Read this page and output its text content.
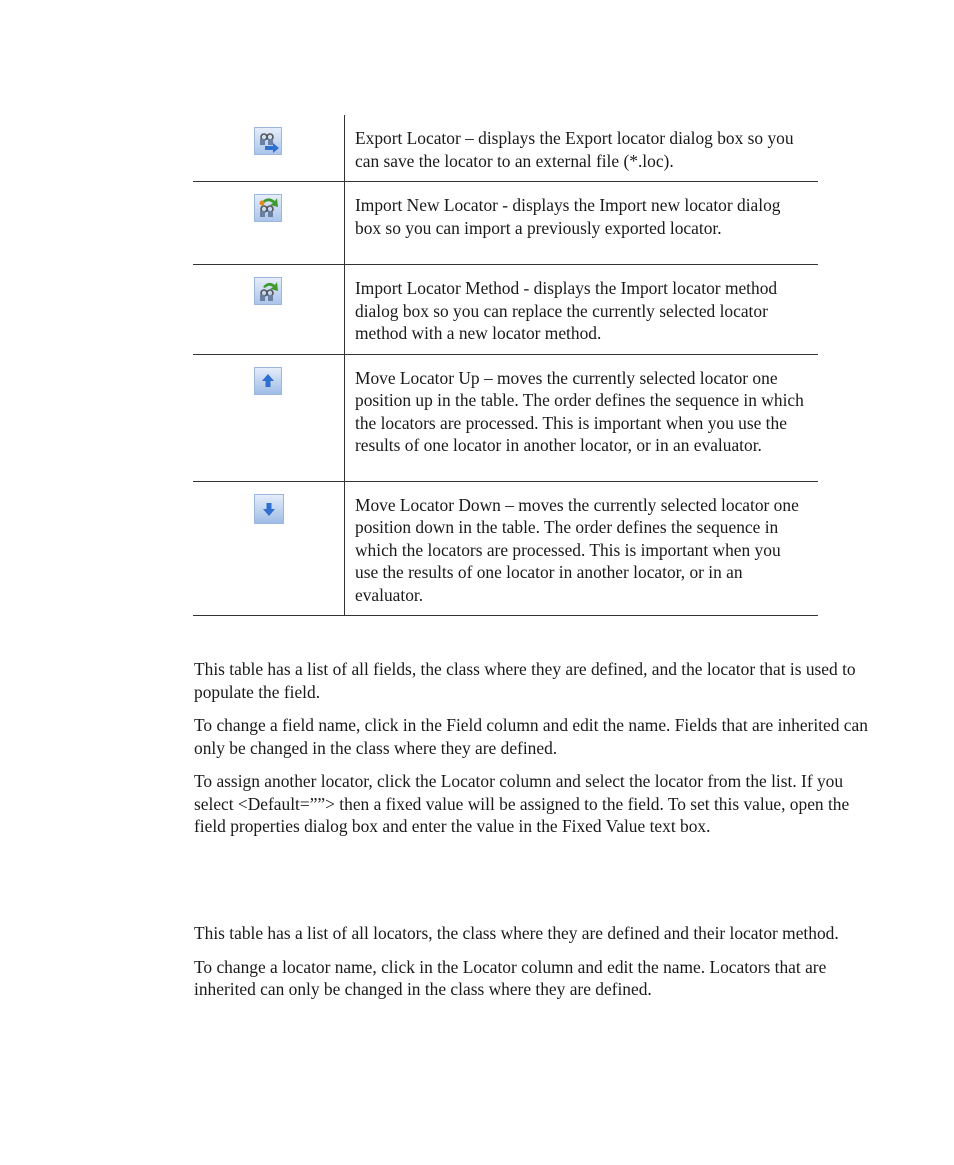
	Export Locator – displays the Export locator dialog box so you can save the locator to an external file (*.loc).

	Import New Locator - displays the Import new locator dialog box so you can import a previously exported locator.

	Import Locator Method - displays the Import locator method dialog box so you can replace the currently selected locator method with a new locator method.

	Move Locator Up – moves the currently selected locator one position up in the table. The order defines the sequence in which the locators are processed. This is important when you use the results of one locator in another locator, or in an evaluator.

	Move Locator Down – moves the currently selected locator one position down in the table. The order defines the sequence in which the locators are processed. This is important when you use the results of one locator in another locator, or in an evaluator.

This table has a list of all fields, the class where they are defined, and the locator that is used to populate the field.

To change a field name, click in the Field column and edit the name. Fields that are inherited can only be changed in the class where they are defined.

To assign another locator, click the Locator column and select the locator from the list. If you select <Default=””> then a fixed value will be assigned to the field. To set this value, open the field properties dialog box and enter the value in the Fixed Value text box.

This table has a list of all locators, the class where they are defined and their locator method.

To change a locator name, click in the Locator column and edit the name. Locators that are inherited can only be changed in the class where they are defined.
